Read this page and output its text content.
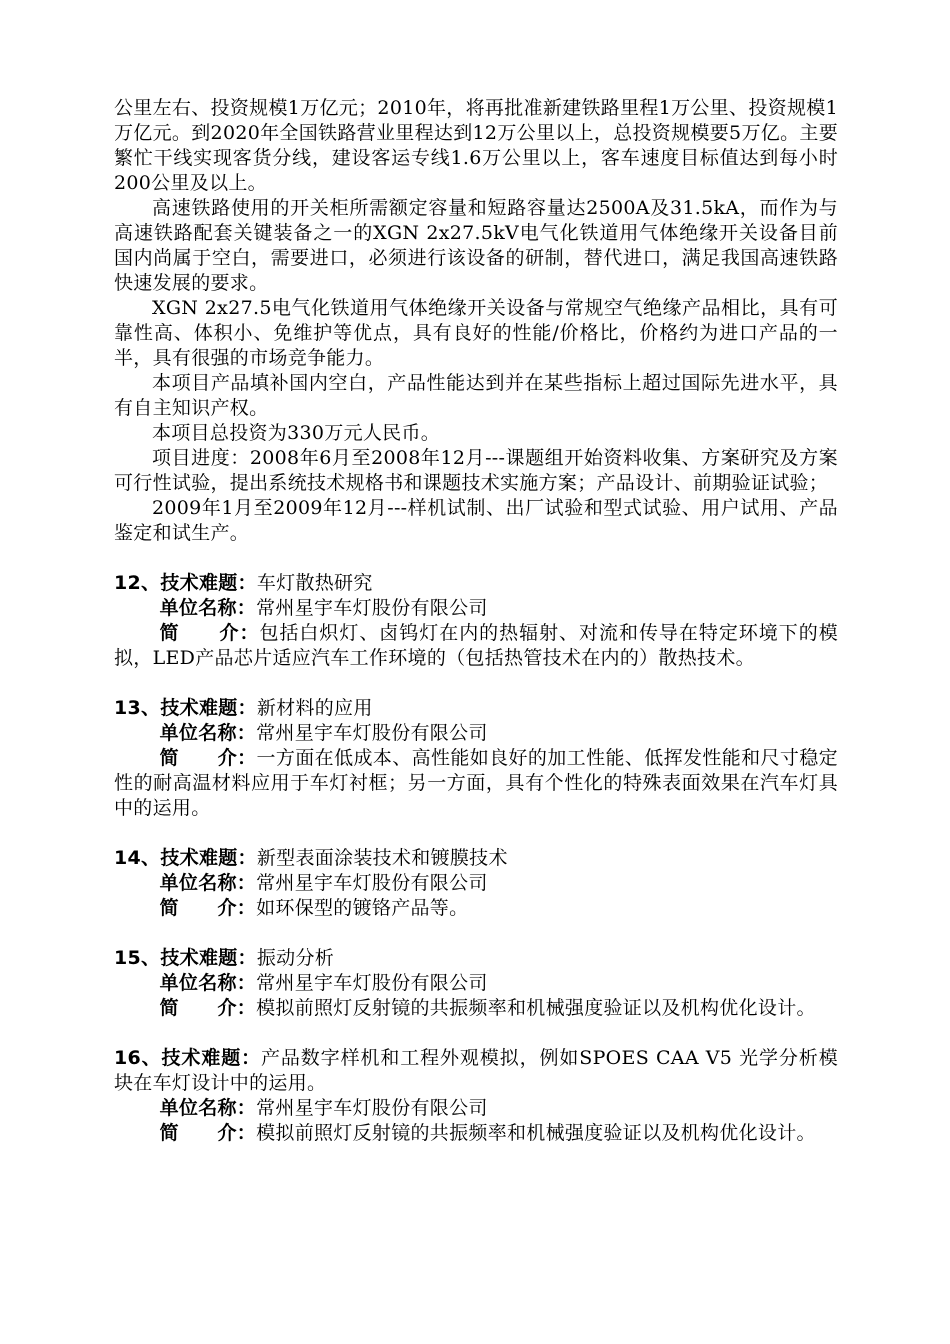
公里左右、投资规模1万亿元；2010年，将再批准新建铁路里程1万公里、投资规模1万亿元。到2020年全国铁路营业里程达到12万公里以上，总投资规模要5万亿。主要繁忙干线实现客货分线，建设客运专线1.6万公里以上，客车速度目标值达到每小时200公里及以上。

高速铁路使用的开关柜所需额定容量和短路容量达2500A及31.5kA，而作为与高速铁路配套关键装备之一的XGN 2x27.5kV电气化铁道用气体绝缘开关设备目前国内尚属于空白，需要进口，必须进行该设备的研制，替代进口，满足我国高速铁路快速发展的要求。

XGN 2x27.5电气化铁道用气体绝缘开关设备与常规空气绝缘产品相比，具有可靠性高、体积小、免维护等优点，具有良好的性能/价格比，价格约为进口产品的一半，具有很强的市场竞争能力。

本项目产品填补国内空白，产品性能达到并在某些指标上超过国际先进水平，具有自主知识产权。

本项目总投资为330万元人民币。

项目进度：2008年6月至2008年12月---课题组开始资料收集、方案研究及方案可行性试验，提出系统技术规格书和课题技术实施方案；产品设计、前期验证试验；

2009年1月至2009年12月---样机试制、出厂试验和型式试验、用户试用、产品鉴定和试生产。

12、技术难题：车灯散热研究

单位名称：常州星宇车灯股份有限公司

简　　介：包括白炽灯、卤钨灯在内的热辐射、对流和传导在特定环境下的模拟，LED产品芯片适应汽车工作环境的（包括热管技术在内的）散热技术。

13、技术难题：新材料的应用

单位名称：常州星宇车灯股份有限公司

简　　介：一方面在低成本、高性能如良好的加工性能、低挥发性能和尺寸稳定性的耐高温材料应用于车灯衬框；另一方面，具有个性化的特殊表面效果在汽车灯具中的运用。

14、技术难题：新型表面涂装技术和镀膜技术

单位名称：常州星宇车灯股份有限公司

简　　介：如环保型的镀铬产品等。

15、技术难题：振动分析

单位名称：常州星宇车灯股份有限公司

简　　介：模拟前照灯反射镜的共振频率和机械强度验证以及机构优化设计。

16、技术难题：产品数字样机和工程外观模拟，例如SPOES CAA V5 光学分析模块在车灯设计中的运用。

单位名称：常州星宇车灯股份有限公司

简　　介：模拟前照灯反射镜的共振频率和机械强度验证以及机构优化设计。
